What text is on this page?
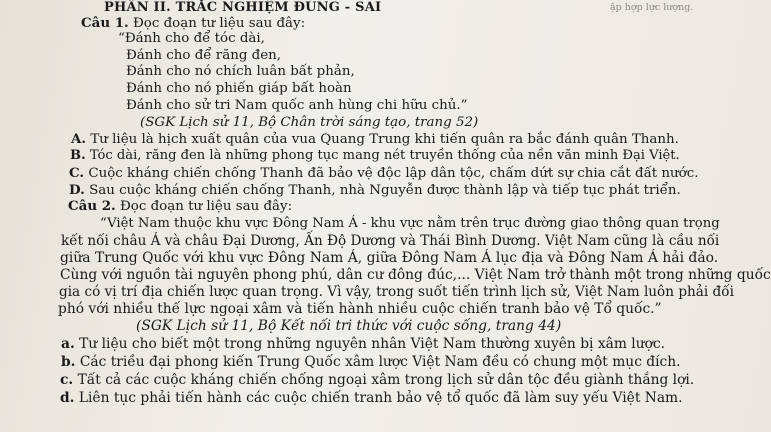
PHẦN II. TRẮC NGHIỆM ĐÚNG - SAI	ập hợp lực lượng.
Câu 1. Đọc đoạn tư liệu sau đây:
“Đánh cho để tóc dài,
Đánh cho để răng đen,
Đánh cho nó chích luân bất phản,
Đánh cho nó phiến giáp bất hoàn
Đánh cho sử tri Nam quốc anh hùng chi hữu chủ.”
(SGK Lịch sử 11, Bộ Chân trời sáng tạo, trang 52)
A. Tư liệu là hịch xuất quân của vua Quang Trung khi tiến quân ra bắc đánh quân Thanh.
B. Tóc dài, răng đen là những phong tục mang nét truyền thống của nền văn minh Đại Việt.
C. Cuộc kháng chiến chống Thanh đã bảo vệ độc lập dân tộc, chấm dứt sự chia cắt đất nước.
D. Sau cuộc kháng chiến chống Thanh, nhà Nguyễn được thành lập và tiếp tục phát triển.
Câu 2. Đọc đoạn tư liệu sau đây:
“Việt Nam thuộc khu vực Đông Nam Á - khu vực nằm trên trục đường giao thông quan trọng
kết nối châu Á và châu Đại Dương, Ấn Độ Dương và Thái Bình Dương. Việt Nam cũng là cầu nối
giữa Trung Quốc với khu vực Đông Nam Á, giữa Đông Nam Á lục địa và Đông Nam Á hải đảo.
Cùng với nguồn tài nguyên phong phú, dân cư đông đúc,... Việt Nam trở thành một trong những quốc
gia có vị trí địa chiến lược quan trọng. Vì vậy, trong suốt tiến trình lịch sử, Việt Nam luôn phải đối
phó với nhiều thế lực ngoại xâm và tiến hành nhiều cuộc chiến tranh bảo vệ Tổ quốc.”
(SGK Lịch sử 11, Bộ Kết nối tri thức với cuộc sống, trang 44)
a. Tư liệu cho biết một trong những nguyên nhân Việt Nam thường xuyên bị xâm lược.
b. Các triều đại phong kiến Trung Quốc xâm lược Việt Nam đều có chung một mục đích.
c. Tất cả các cuộc kháng chiến chống ngoại xâm trong lịch sử dân tộc đều giành thắng lợi.
d. Liên tục phải tiến hành các cuộc chiến tranh bảo vệ tổ quốc đã làm suy yếu Việt Nam.
